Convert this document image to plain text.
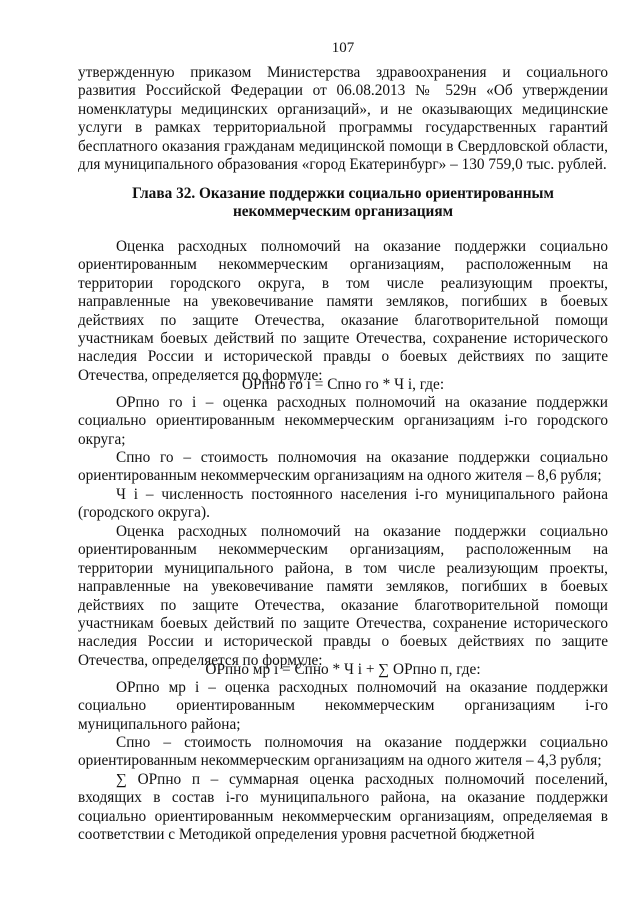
107

утвержденную приказом Министерства здравоохранения и социального развития Российской Федерации от 06.08.2013 № 529н «Об утверждении номенклатуры медицинских организаций», и не оказывающих медицинские услуги в рамках территориальной программы государственных гарантий бесплатного оказания гражданам медицинской помощи в Свердловской области, для муниципального образования «город Екатеринбург» – 130 759,0 тыс. рублей.

Глава 32. Оказание поддержки социально ориентированным

некоммерческим организациям

Оценка расходных полномочий на оказание поддержки социально ориентированным некоммерческим организациям, расположенным на территории городского округа, в том числе реализующим проекты, направленные на увековечивание памяти земляков, погибших в боевых действиях по защите Отечества, оказание благотворительной помощи участникам боевых действий по защите Отечества, сохранение исторического наследия России и исторической правды о боевых действиях по защите Отечества, определяется по формуле:

ОРпно го i = Спно го * Ч i, где:

ОРпно го i – оценка расходных полномочий на оказание поддержки социально ориентированным некоммерческим организациям i-го городского округа;

Спно го – стоимость полномочия на оказание поддержки социально ориентированным некоммерческим организациям на одного жителя – 8,6 рубля;

Ч i – численность постоянного населения i-го муниципального района (городского округа).

Оценка расходных полномочий на оказание поддержки социально ориентированным некоммерческим организациям, расположенным на территории муниципального района, в том числе реализующим проекты, направленные на увековечивание памяти земляков, погибших в боевых действиях по защите Отечества, оказание благотворительной помощи участникам боевых действий по защите Отечества, сохранение исторического наследия России и исторической правды о боевых действиях по защите Отечества, определяется по формуле:

ОРпно мр i = Спно * Ч i + ∑ ОРпно п, где:

ОРпно мр i – оценка расходных полномочий на оказание поддержки социально ориентированным некоммерческим организациям i-го муниципального района;

Спно – стоимость полномочия на оказание поддержки социально ориентированным некоммерческим организациям на одного жителя – 4,3 рубля;

∑ ОРпно п – суммарная оценка расходных полномочий поселений, входящих в состав i-го муниципального района, на оказание поддержки социально ориентированным некоммерческим организациям, определяемая в соответствии с Методикой определения уровня расчетной бюджетной
